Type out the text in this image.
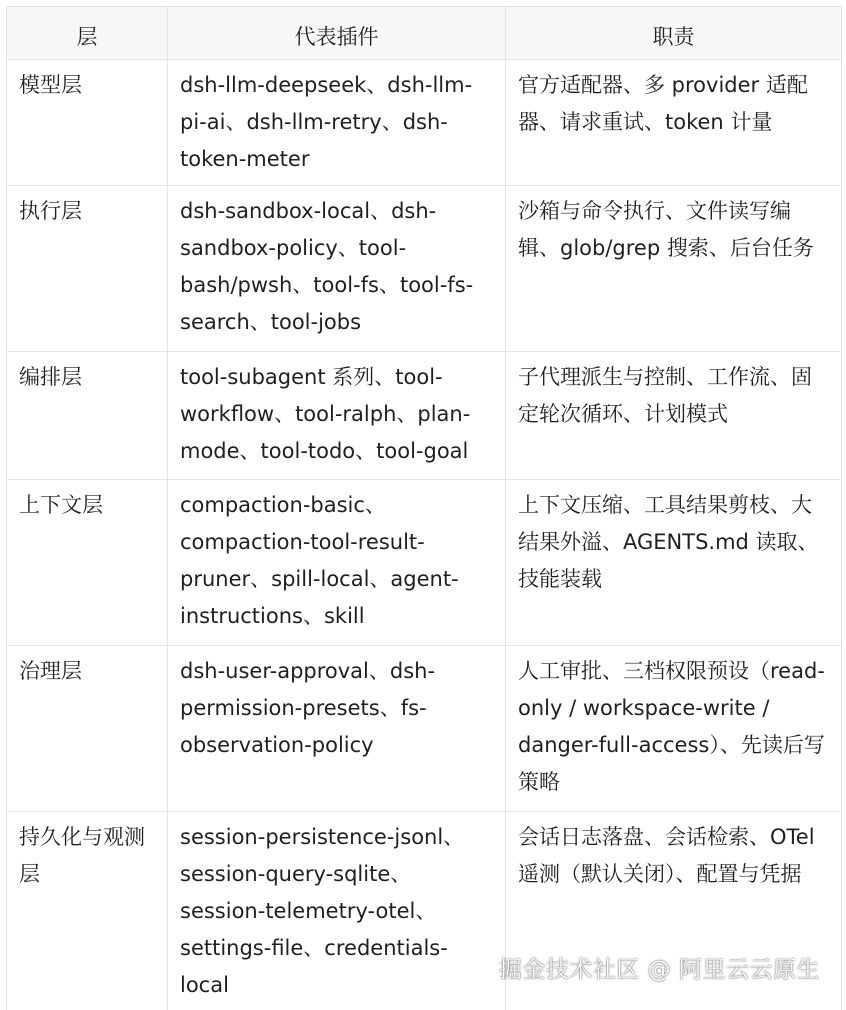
层	代表插件	职责
模型层	dsh-llm-deepseek、dsh-llm-pi-ai、dsh-llm-retry、dsh-token-meter	官方适配器、多 provider 适配器、请求重试、token 计量
执行层	dsh-sandbox-local、dsh-sandbox-policy、tool-bash/pwsh、tool-fs、tool-fs-search、tool-jobs	沙箱与命令执行、文件读写编辑、glob/grep 搜索、后台任务
编排层	tool-subagent 系列、tool-workflow、tool-ralph、plan-mode、tool-todo、tool-goal	子代理派生与控制、工作流、固定轮次循环、计划模式
上下文层	compaction-basic、compaction-tool-result-pruner、spill-local、agent-instructions、skill	上下文压缩、工具结果剪枝、大结果外溢、AGENTS.md 读取、技能装载
治理层	dsh-user-approval、dsh-permission-presets、fs-observation-policy	人工审批、三档权限预设（read-only / workspace-write / danger-full-access）、先读后写策略
持久化与观测层	session-persistence-jsonl、session-query-sqlite、session-telemetry-otel、settings-file、credentials-local	会话日志落盘、会话检索、OTel 遥测（默认关闭）、配置与凭据
掘金技术社区 @ 阿里云云原生
